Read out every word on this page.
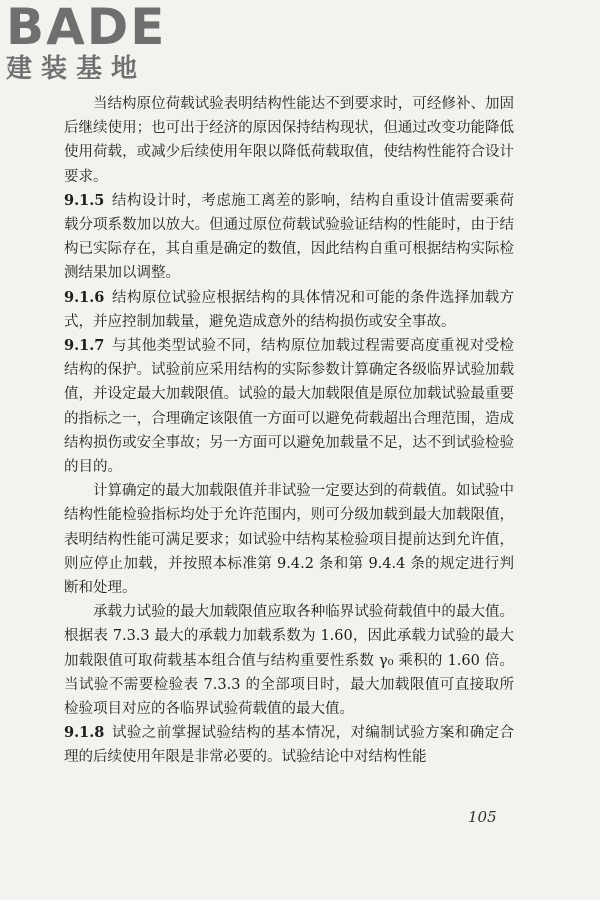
BADE
建装基地

当结构原位荷载试验表明结构性能达不到要求时，可经修补、加固后继续使用；也可出于经济的原因保持结构现状，但通过改变功能降低使用荷载，或减少后续使用年限以降低荷载取值，使结构性能符合设计要求。

9.1.5 结构设计时，考虑施工离差的影响，结构自重设计值需要乘荷载分项系数加以放大。但通过原位荷载试验验证结构的性能时，由于结构已实际存在，其自重是确定的数值，因此结构自重可根据结构实际检测结果加以调整。

9.1.6 结构原位试验应根据结构的具体情况和可能的条件选择加载方式，并应控制加载量，避免造成意外的结构损伤或安全事故。

9.1.7 与其他类型试验不同，结构原位加载过程需要高度重视对受检结构的保护。试验前应采用结构的实际参数计算确定各级临界试验加载值，并设定最大加载限值。试验的最大加载限值是原位加载试验最重要的指标之一，合理确定该限值一方面可以避免荷载超出合理范围，造成结构损伤或安全事故；另一方面可以避免加载量不足，达不到试验检验的目的。

计算确定的最大加载限值并非试验一定要达到的荷载值。如试验中结构性能检验指标均处于允许范围内，则可分级加载到最大加载限值，表明结构性能可满足要求；如试验中结构某检验项目提前达到允许值，则应停止加载，并按照本标准第 9.4.2 条和第 9.4.4 条的规定进行判断和处理。

承载力试验的最大加载限值应取各种临界试验荷载值中的最大值。根据表 7.3.3 最大的承载力加载系数为 1.60，因此承载力试验的最大加载限值可取荷载基本组合值与结构重要性系数 γ₀ 乘积的 1.60 倍。当试验不需要检验表 7.3.3 的全部项目时，最大加载限值可直接取所检验项目对应的各临界试验荷载值的最大值。

9.1.8 试验之前掌握试验结构的基本情况，对编制试验方案和确定合理的后续使用年限是非常必要的。试验结论中对结构性能

105
